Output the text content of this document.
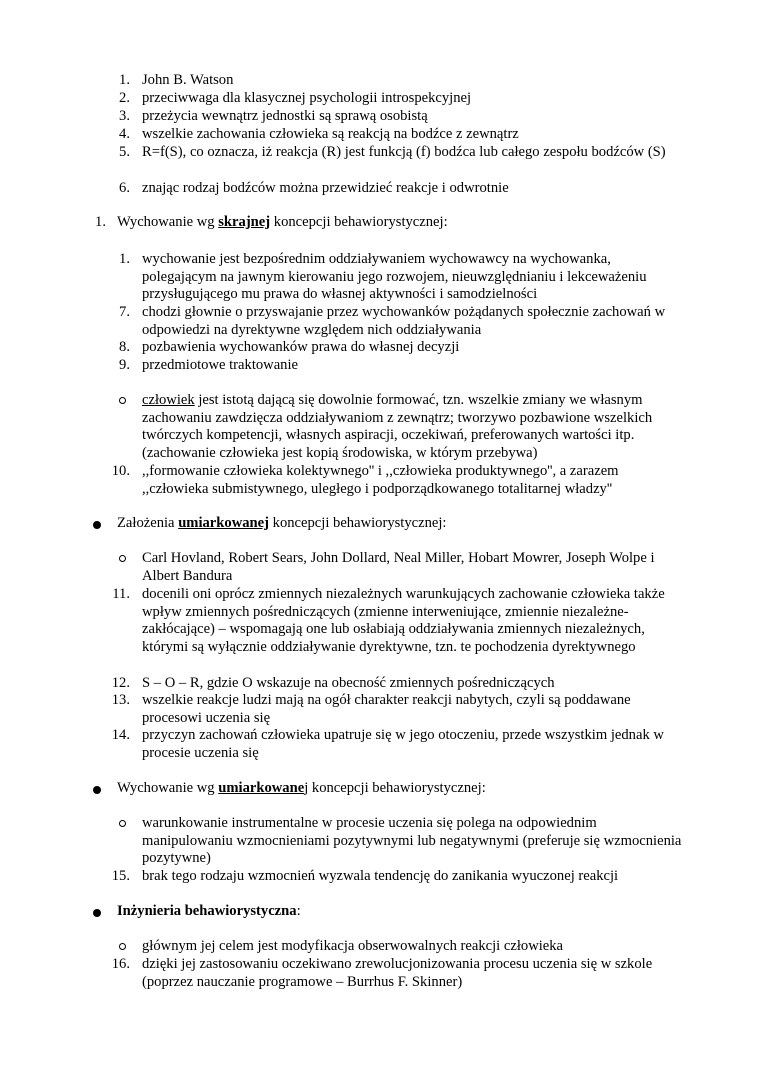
1. John B. Watson
2. przeciwwaga dla klasycznej psychologii introspekcyjnej
3. przeżycia wewnątrz jednostki są sprawą osobistą
4. wszelkie zachowania człowieka są reakcją na bodźce z zewnątrz
5. R=f(S), co oznacza, iż reakcja (R) jest funkcją (f) bodźca lub całego zespołu bodźców (S)
6. znając rodzaj bodźców można przewidzieć reakcje i odwrotnie
1. Wychowanie wg skrajnej koncepcji behawiorystycznej:
1. wychowanie jest bezpośrednim oddziaływaniem wychowawcy na wychowanka, polegającym na jawnym kierowaniu jego rozwojem, nieuwzględnianiu i lekceważeniu przysługującego mu prawa do własnej aktywności i samodzielności
7. chodzi głownie o przyswajanie przez wychowanków pożądanych społecznie zachowań w odpowiedzi na dyrektywne względem nich oddziaływania
8. pozbawienia wychowanków prawa do własnej decyzji
9. przedmiotowe traktowanie
człowiek jest istotą dającą się dowolnie formować, tzn. wszelkie zmiany we własnym zachowaniu zawdzięcza oddziaływaniom z zewnątrz; tworzywo pozbawione wszelkich twórczych kompetencji, własnych aspiracji, oczekiwań, preferowanych wartości itp. (zachowanie człowieka jest kopią środowiska, w którym przebywa)
10. ,,formowanie człowieka kolektywnego'' i ,,człowieka produktywnego'', a zarazem ,,człowieka submistywnego, uległego i podporządkowanego totalitarnej władzy''
Założenia umiarkowanej koncepcji behawiorystycznej:
Carl Hovland, Robert Sears, John Dollard, Neal Miller, Hobart Mowrer, Joseph Wolpe i Albert Bandura
11. docenili oni oprócz zmiennych niezależnych warunkujących zachowanie człowieka także wpływ zmiennych pośredniczących (zmienne interweniujące, zmiennie niezależne-zakłócające) – wspomagają one lub osłabiają oddziaływania zmiennych niezależnych, którymi są wyłącznie oddziaływanie dyrektywne, tzn. te pochodzenia dyrektywnego
12. S – O – R, gdzie O wskazuje na obecność zmiennych pośredniczących
13. wszelkie reakcje ludzi mają na ogół charakter reakcji nabytych, czyli są poddawane procesowi uczenia się
14. przyczyn zachowań człowieka upatruje się w jego otoczeniu, przede wszystkim jednak w procesie uczenia się
Wychowanie wg umiarkowanej koncepcji behawiorystycznej:
warunkowanie instrumentalne w procesie uczenia się polega na odpowiednim manipulowaniu wzmocnieniami pozytywnymi lub negatywnymi (preferuje się wzmocnienia pozytywne)
15. brak tego rodzaju wzmocnień wyzwala tendencję do zanikania wyuczonej reakcji
Inżynieria behawiorystyczna:
głównym jej celem jest modyfikacja obserwowalnych reakcji człowieka
16. dzięki jej zastosowaniu oczekiwano zrewolucjonizowania procesu uczenia się w szkole (poprzez nauczanie programowe – Burrhus F. Skinner)
